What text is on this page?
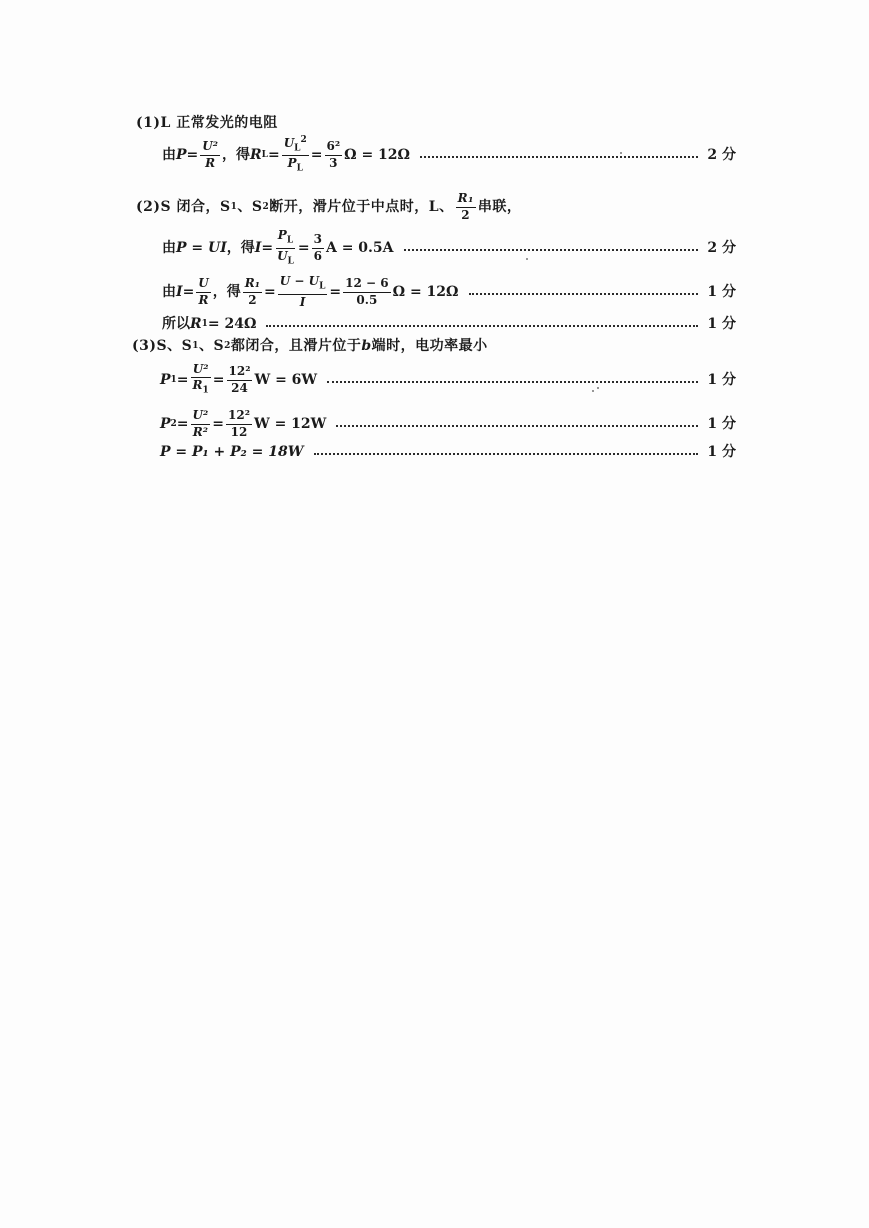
(1)L 正常发光的电阻
由 $P = \frac{\text{U²}}{R}$ ，得 R $L = \frac{U_L^2}{P_L} = \frac{\text{6²}}{3}$ Ω = 12Ω	2 分
(2)S 闭合，S 1 、S 2 断开，滑片位于中点时，L、 $\frac{\text{R₁}}{2}$ 串联，
由 P = UI ，得 $I = \frac{P_L}{U_L} = \frac{3}{6}$ A = 0.5A	2 分
由 $I = \frac{U}{R}$ ，得 $\frac{\text{R₁}}{2} = \frac{U - U_L}{I} = \frac{12 - 6}{0.5}$ Ω = 12Ω	1 分
所以 R 1 = 24Ω	1 分
(3)S、S 1 、S 2 都闭合，且滑片位于 b 端时，电功率最小
P $1 = \frac{\text{U²}}{R_1} = \frac{\text{12²}}{24}$ W = 6W	1 分
P $2 = \frac{\text{U²}}{\text{R²}} = \frac{\text{12²}}{12}$ W = 12W	1 分
P = P₁ + P₂ = 18W	1 分
